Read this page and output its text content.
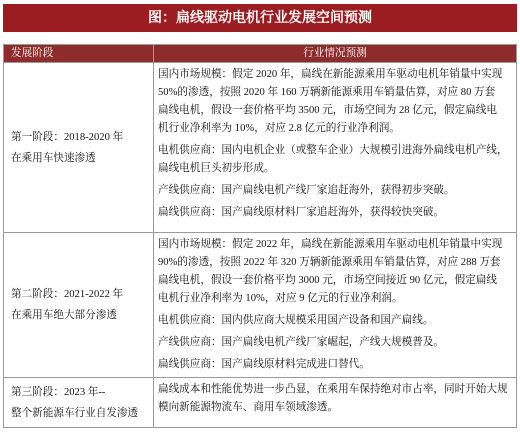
图：扁线驱动电机行业发展空间预测
发展阶段	行业情况预测
第一阶段：2018-2020 年
在乘用车快速渗透
国内市场规模：假定 2020 年，扁线在新能源乘用车驱动电机年销量中实现
50%的渗透，按照 2020 年 160 万辆新能源乘用车销量估算，对应 80 万套
扁线电机，假设一套价格平均 3500 元，市场空间为 28 亿元，假定扁线电
机行业净利率为 10%，对应 2.8 亿元的行业净利润。
电机供应商：国内电机企业（或整车企业）大规模引进海外扁线电机产线，
扁线电机巨头初步形成。
产线供应商：国产扁线电机产线厂家追赶海外，获得初步突破。
扁线供应商：国产扁线原材料厂家追赶海外，获得较快突破。
第二阶段：2021-2022 年
在乘用车绝大部分渗透
国内市场规模：假定 2022 年，扁线在新能源乘用车驱动电机年销量中实现
90%的渗透，按照 2022 年 320 万辆新能源乘用车销量估算，对应 288 万套
扁线电机，假设一套价格平均 3000 元，市场空间接近 90 亿元，假定扁线
电机行业净利率为 10%，对应 9 亿元的行业净利润。
电机供应商：国内供应商大规模采用国产设备和国产扁线。
产线供应商：国产扁线电机产线厂家崛起，产线大规模普及。
扁线供应商：国产扁线原材料完成进口替代。
第三阶段：2023 年--
整个新能源车行业自发渗透
扁线成本和性能优势进一步凸显，在乘用车保持绝对市占率，同时开始大规
模向新能源物流车、商用车领域渗透。
